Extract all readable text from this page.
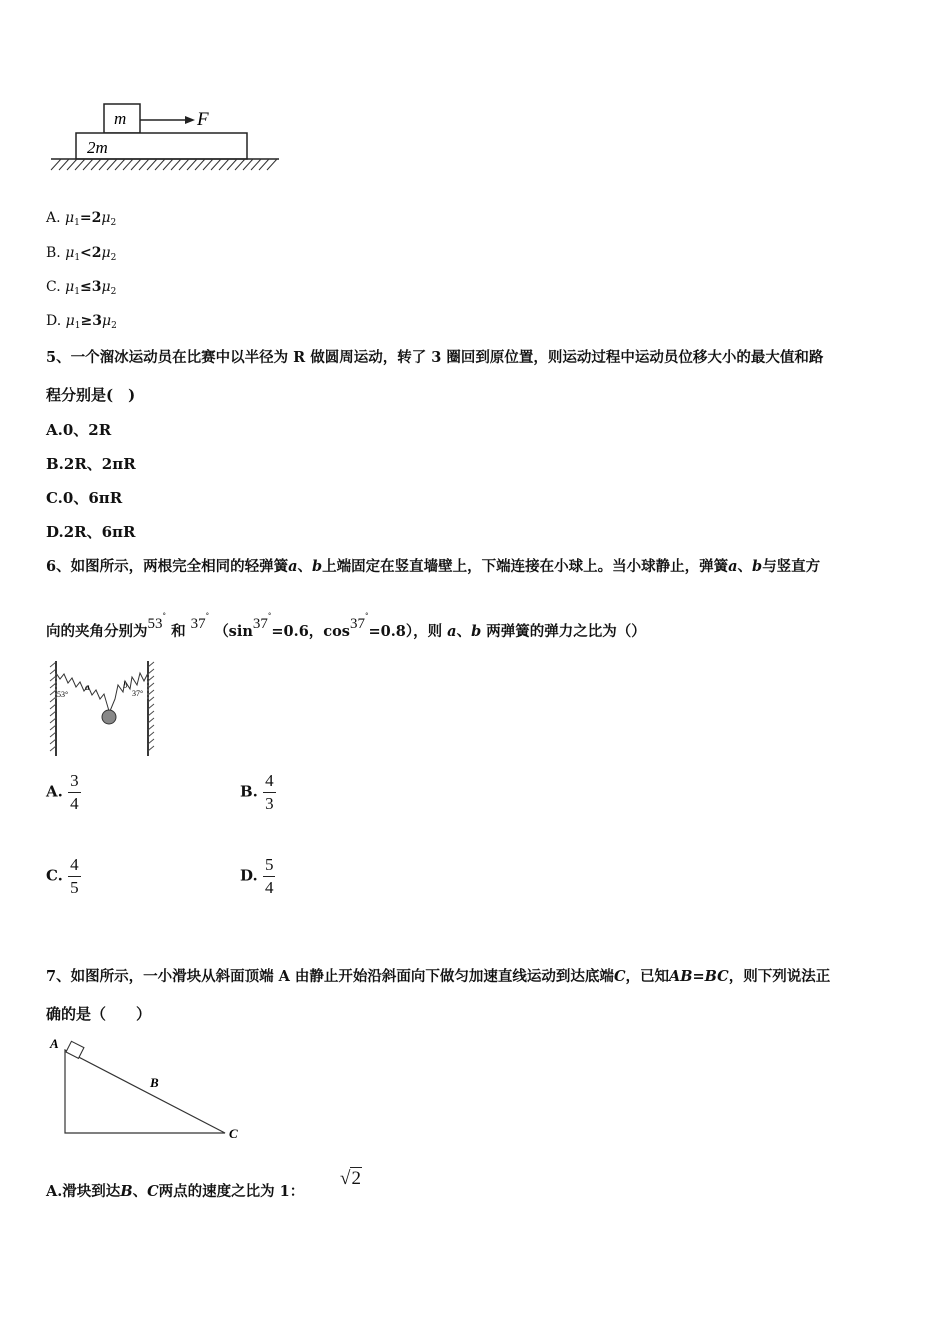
m	F
2m
A. $\mu_1=2\mu_2$
B. $\mu_1<2\mu_2$
C. $\mu_1\le 3\mu_2$
D. $\mu_1\ge 3\mu_2$
5、一个溜冰运动员在比赛中以半径为 R 做圆周运动，转了 3 圈回到原位置，则运动过程中运动员位移大小的最大值和路
程分别是(　)
A.0、2R
B.2R、2πR
C.0、6πR
D.2R、6πR
6、如图所示，两根完全相同的轻弹簧a、b上端固定在竖直墙壁上，下端连接在小球上。当小球静止，弹簧a、b与竖直方
向的夹角分别为53° 和 37° （sin37°=0.6，cos37°=0.8），则 a、b 两弹簧的弹力之比为（）
53°
a	b
37°
A. $\frac{3}{4}$	B. $\frac{4}{3}$
C. $\frac{4}{5}$	D. $\frac{5}{4}$
7、如图所示，一小滑块从斜面顶端 A 由静止开始沿斜面向下做匀加速直线运动到达底端C，已知AB=BC，则下列说法正
确的是（　　）
A
B
C
A.滑块到达B、C两点的速度之比为 1：
√2
